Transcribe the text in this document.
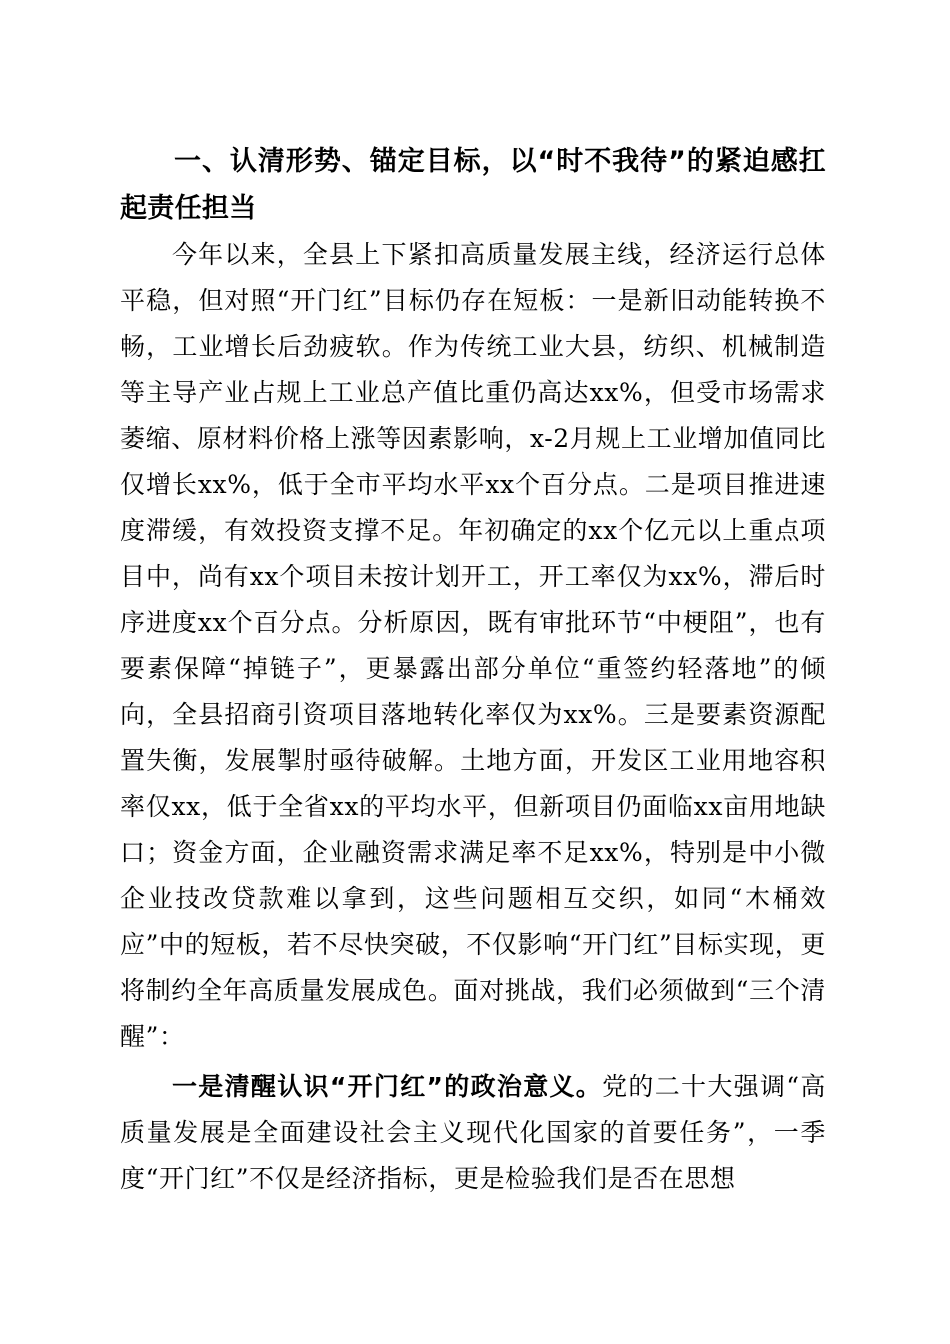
一、认清形势、锚定目标，以“时不我待”的紧迫感扛起责任担当

今年以来，全县上下紧扣高质量发展主线，经济运行总体平稳，但对照“开门红”目标仍存在短板：一是新旧动能转换不畅，工业增长后劲疲软。作为传统工业大县，纺织、机械制造等主导产业占规上工业总产值比重仍高达xx%，但受市场需求萎缩、原材料价格上涨等因素影响，x-2月规上工业增加值同比仅增长xx%，低于全市平均水平xx个百分点。二是项目推进速度滞缓，有效投资支撑不足。年初确定的xx个亿元以上重点项目中，尚有xx个项目未按计划开工，开工率仅为xx%，滞后时序进度xx个百分点。分析原因，既有审批环节“中梗阻”，也有要素保障“掉链子”，更暴露出部分单位“重签约轻落地”的倾向，全县招商引资项目落地转化率仅为xx%。三是要素资源配置失衡，发展掣肘亟待破解。土地方面，开发区工业用地容积率仅xx，低于全省xx的平均水平，但新项目仍面临xx亩用地缺口；资金方面，企业融资需求满足率不足xx%，特别是中小微企业技改贷款难以拿到，这些问题相互交织，如同“木桶效应”中的短板，若不尽快突破，不仅影响“开门红”目标实现，更将制约全年高质量发展成色。面对挑战，我们必须做到“三个清醒”：

一是清醒认识“开门红”的政治意义。党的二十大强调“高质量发展是全面建设社会主义现代化国家的首要任务”，一季度“开门红”不仅是经济指标，更是检验我们是否在思想
